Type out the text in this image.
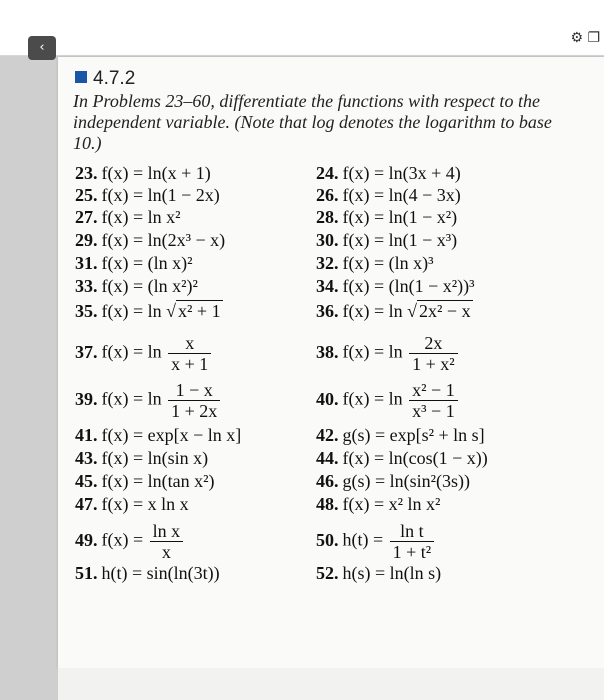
‹
⚙ ❐
4.7.2
In Problems 23–60, differentiate the functions with respect to the independent variable. (Note that log denotes the logarithm to base 10.)
23. f(x) = ln(x + 1)
25. f(x) = ln(1 − 2x)
27. f(x) = ln x²
29. f(x) = ln(2x³ − x)
31. f(x) = (ln x)²
33. f(x) = (ln x²)²
35. f(x) = ln √ x² + 1
37. $f(x) = \ln \frac{x}{x + 1}$
39. $f(x) = \ln \frac{1 - x}{1 + 2x}$
41. f(x) = exp[x − ln x]
43. f(x) = ln(sin x)
45. f(x) = ln(tan x²)
47. f(x) = x ln x
49. $f(x) = \frac{\text{ln x}}{x}$
51. h(t) = sin(ln(3t))
24. f(x) = ln(3x + 4)
26. f(x) = ln(4 − 3x)
28. f(x) = ln(1 − x²)
30. f(x) = ln(1 − x³)
32. f(x) = (ln x)³
34. f(x) = (ln(1 − x²))³
36. f(x) = ln √ 2x² − x
38. $f(x) = \ln \frac{2x}{\text{1 + x²}}$
40. $f(x) = \ln \frac{\text{x² − 1}}{\text{x³ − 1}}$
42. g(s) = exp[s² + ln s]
44. f(x) = ln(cos(1 − x))
46. g(s) = ln(sin²(3s))
48. f(x) = x² ln x²
50. $h(t) = \frac{\text{ln t}}{\text{1 + t²}}$
52. h(s) = ln(ln s)
